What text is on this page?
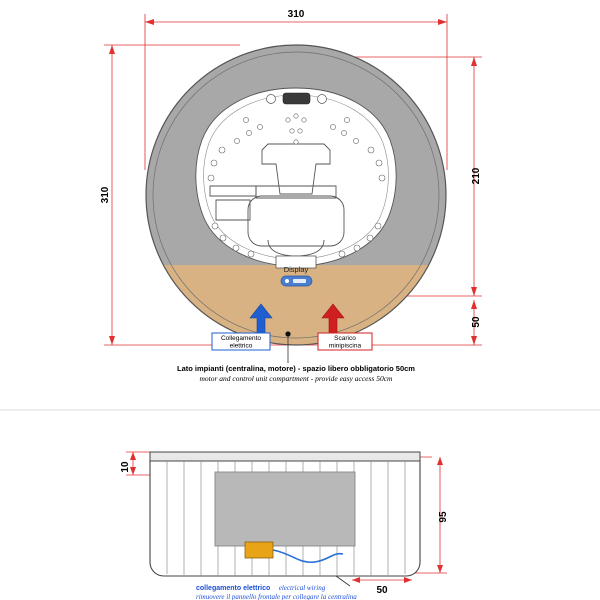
310
310
210
50
Display
Collegamento
elettrico
Scarico
minipiscina
Lato impianti (centralina, motore) - spazio libero obbligatorio 50cm
motor and control unit compartment - provide easy access 50cm
10
95
50
collegamento elettrico electrical wiring
rimuovere il pannello frontale per collegare la centralina
